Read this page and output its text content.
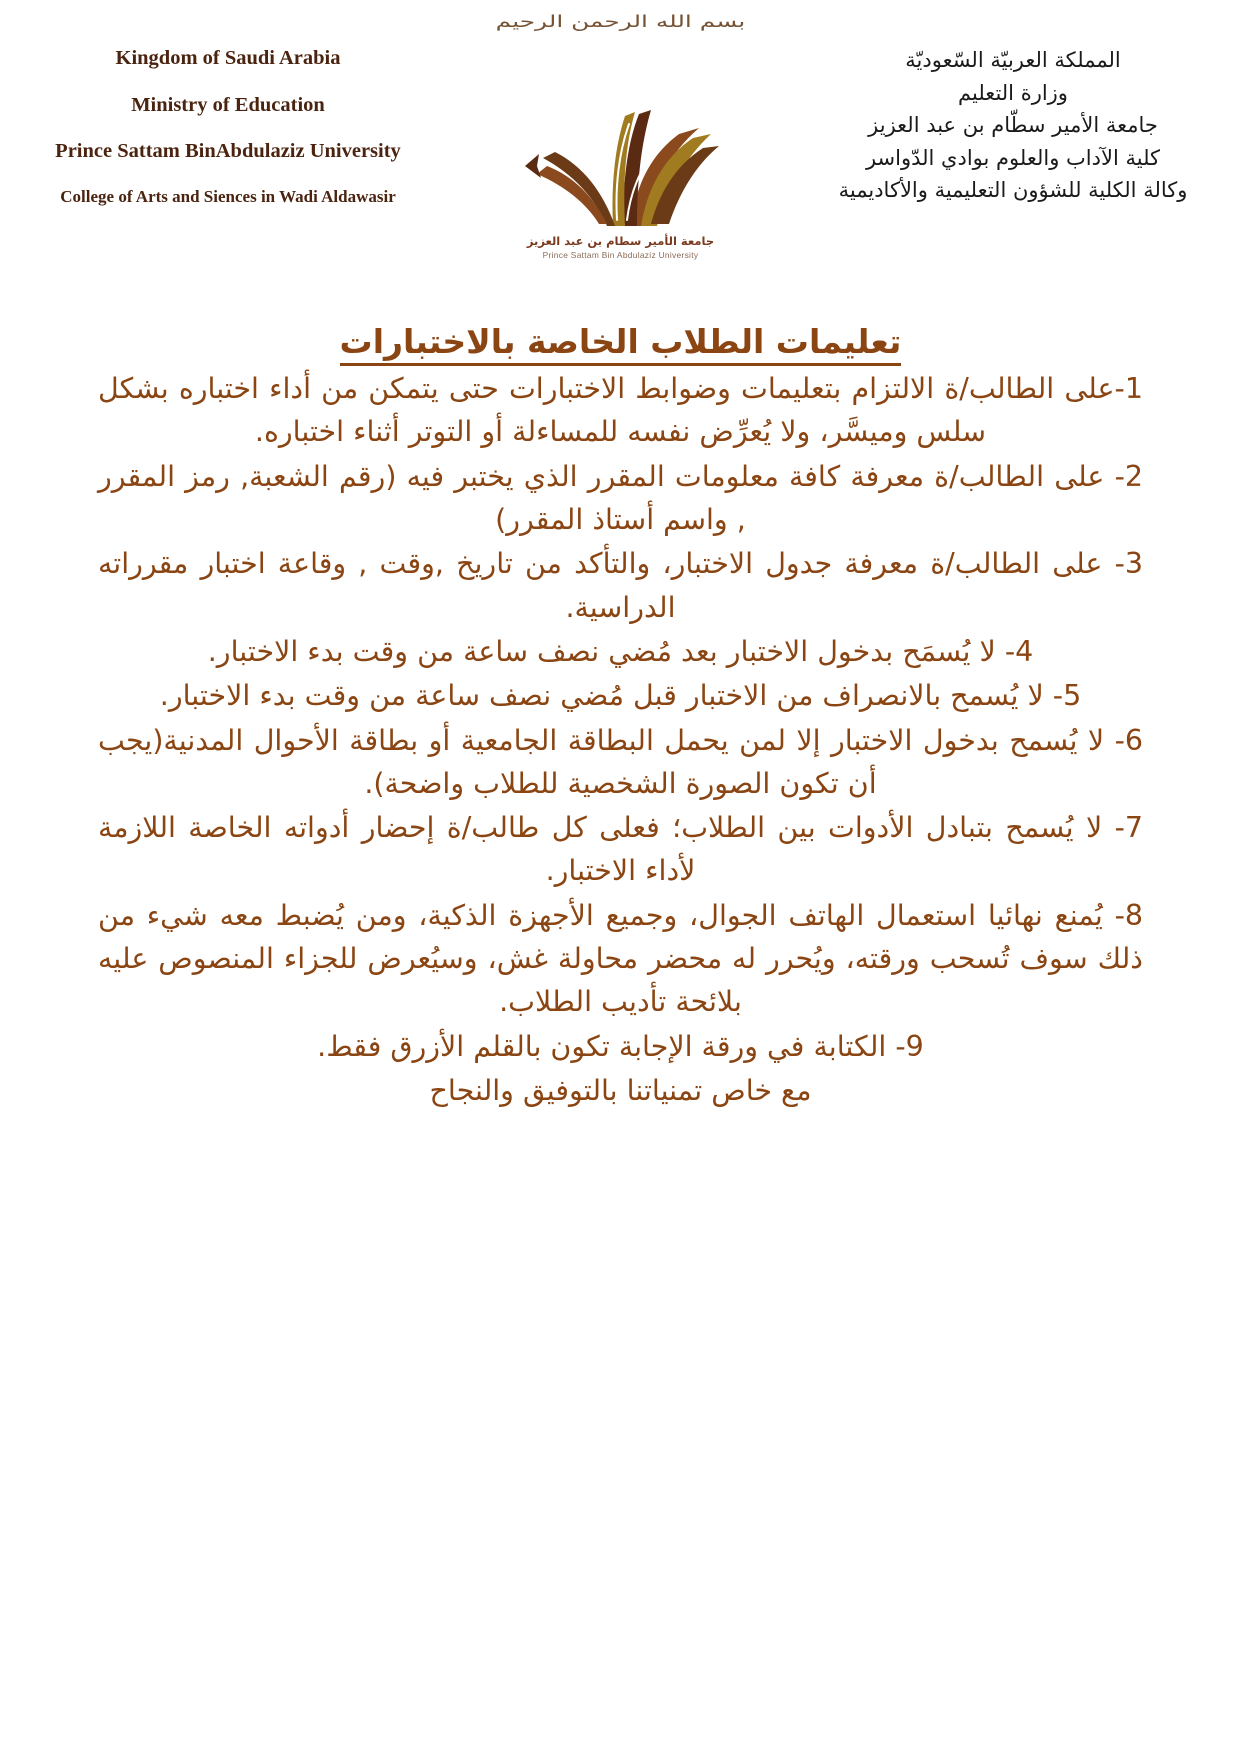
بسم الله الرحمن الرحيم
Kingdom of Saudi Arabia
Ministry of Education
Prince Sattam BinAbdulaziz University
College of Arts and Siences in Wadi Aldawasir
المملكة العربيّة السّعوديّة
وزارة التعليم
جامعة الأمير سطّام بن عبد العزيز
كلية الآداب والعلوم بوادي الدّواسر
وكالة الكلية للشؤون التعليمية والأكاديمية
جامعة الأمير سطام بن عبد العزيز
Prince Sattam Bin Abdulaziz University
تعليمات الطلاب الخاصة بالاختبارات
1-على الطالب/ة الالتزام بتعليمات وضوابط الاختبارات حتى يتمكن من أداء اختباره بشكل سلس وميسَّر، ولا يُعرِّض نفسه للمساءلة أو التوتر أثناء اختباره.
2- على الطالب/ة معرفة كافة معلومات المقرر الذي يختبر فيه (رقم الشعبة, رمز المقرر , واسم أستاذ المقرر)
3- على الطالب/ة معرفة جدول الاختبار، والتأكد من تاريخ ,وقت , وقاعة اختبار مقرراته الدراسية.
4- لا يُسمَح بدخول الاختبار بعد مُضي نصف ساعة من وقت بدء الاختبار.
5- لا يُسمح بالانصراف من الاختبار قبل مُضي نصف ساعة من وقت بدء الاختبار.
6- لا يُسمح بدخول الاختبار إلا لمن يحمل البطاقة الجامعية أو بطاقة الأحوال المدنية(يجب أن تكون الصورة الشخصية للطلاب واضحة).
7- لا يُسمح بتبادل الأدوات بين الطلاب؛ فعلى كل طالب/ة إحضار أدواته الخاصة اللازمة لأداء الاختبار.
8- يُمنع نهائيا استعمال الهاتف الجوال، وجميع الأجهزة الذكية، ومن يُضبط معه شيء من ذلك سوف تُسحب ورقته، ويُحرر له محضر محاولة غش، وسيُعرض للجزاء المنصوص عليه بلائحة تأديب الطلاب.
9- الكتابة في ورقة الإجابة تكون بالقلم الأزرق فقط.
مع خاص تمنياتنا بالتوفيق والنجاح
